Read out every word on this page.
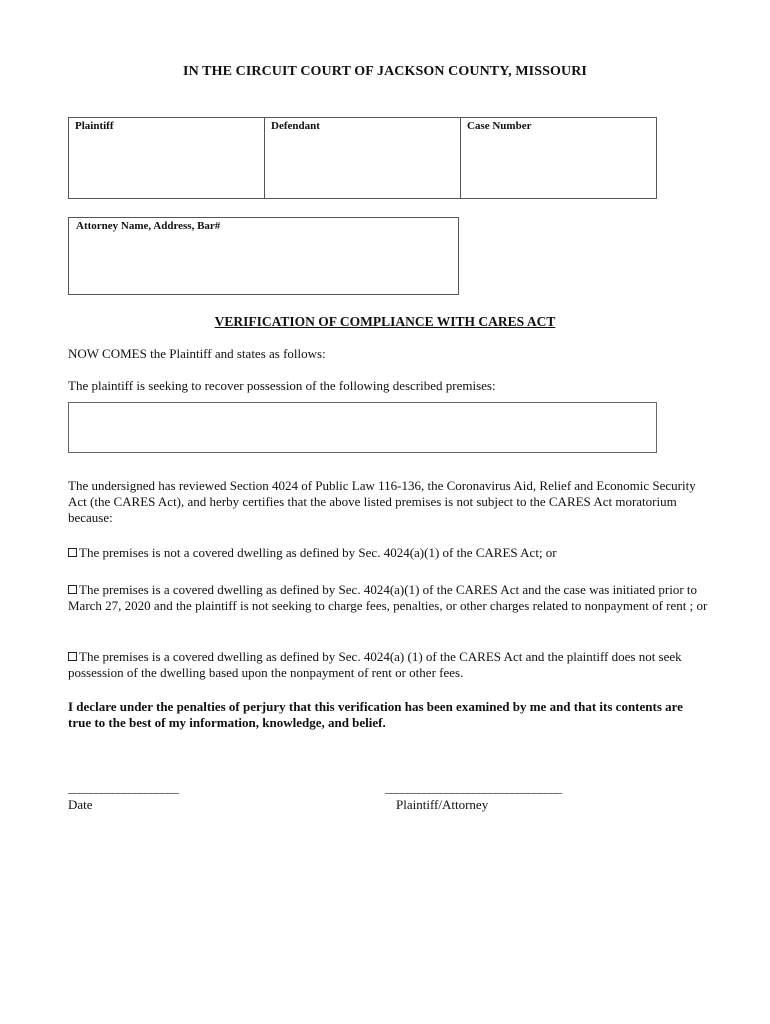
IN THE CIRCUIT COURT OF JACKSON COUNTY, MISSOURI
Plaintiff	Defendant	Case Number
Attorney Name, Address, Bar#
VERIFICATION OF COMPLIANCE WITH CARES ACT
NOW COMES the Plaintiff and states as follows:
The plaintiff is seeking to recover possession of the following described premises:
The undersigned has reviewed Section 4024 of Public Law 116-136, the Coronavirus Aid, Relief and Economic Security Act (the CARES Act), and herby certifies that the above listed premises is not subject to the CARES Act moratorium because:
The premises is not a covered dwelling as defined by Sec. 4024(a)(1) of the CARES Act; or
The premises is a covered dwelling as defined by Sec. 4024(a)(1) of the CARES Act and the case was initiated prior to March 27, 2020 and the plaintiff is not seeking to charge fees, penalties, or other charges related to nonpayment of rent ; or
The premises is a covered dwelling as defined by Sec. 4024(a) (1) of the CARES Act and the plaintiff does not seek possession of the dwelling based upon the nonpayment of rent or other fees.
I declare under the penalties of perjury that this verification has been examined by me and that its contents are true to the best of my information, knowledge, and belief.
____________________
Date
________________________________
Plaintiff/Attorney
